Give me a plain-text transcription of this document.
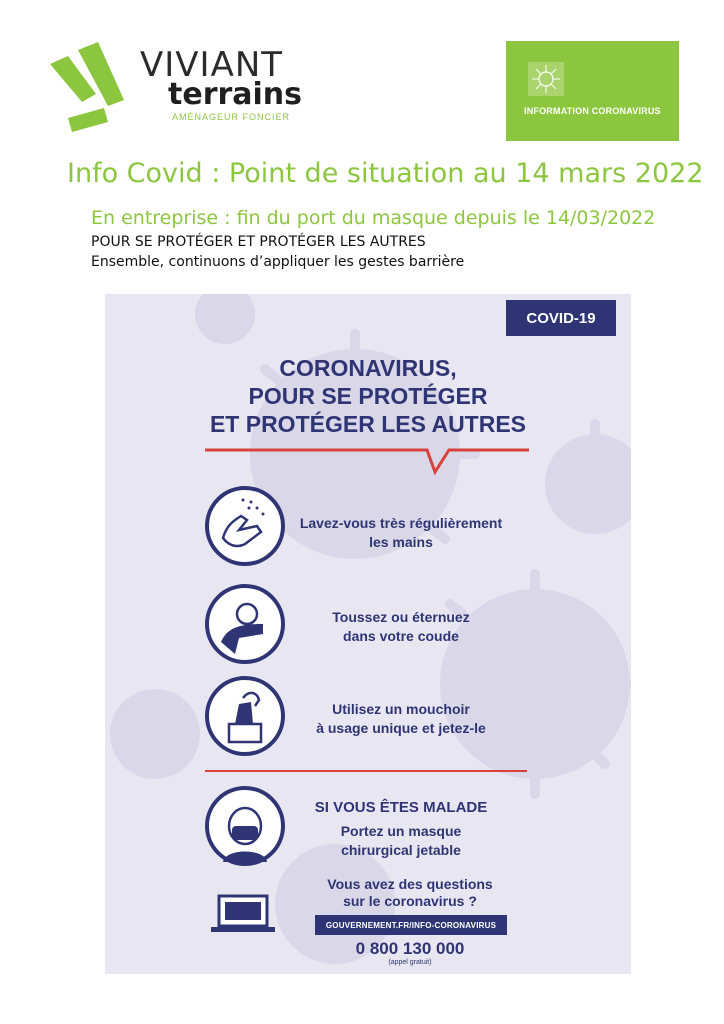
VIVIANT
terrains
AMÉNAGEUR FONCIER
INFORMATION CORONAVIRUS
Info Covid : Point de situation au 14 mars 2022
En entreprise : fin du port du masque depuis le 14/03/2022
POUR SE PROTÉGER ET PROTÉGER LES AUTRES
Ensemble, continuons d’appliquer les gestes barrière
COVID-19
CORONAVIRUS,
POUR SE PROTÉGER
ET PROTÉGER LES AUTRES
Lavez-vous très régulièrement
les mains
Toussez ou éternuez
dans votre coude
Utilisez un mouchoir
à usage unique et jetez-le
SI VOUS ÊTES MALADE
Portez un masque
chirurgical jetable
Vous avez des questions
sur le coronavirus ?
GOUVERNEMENT.FR/INFO-CORONAVIRUS
0 800 130 000
(appel gratuit)
